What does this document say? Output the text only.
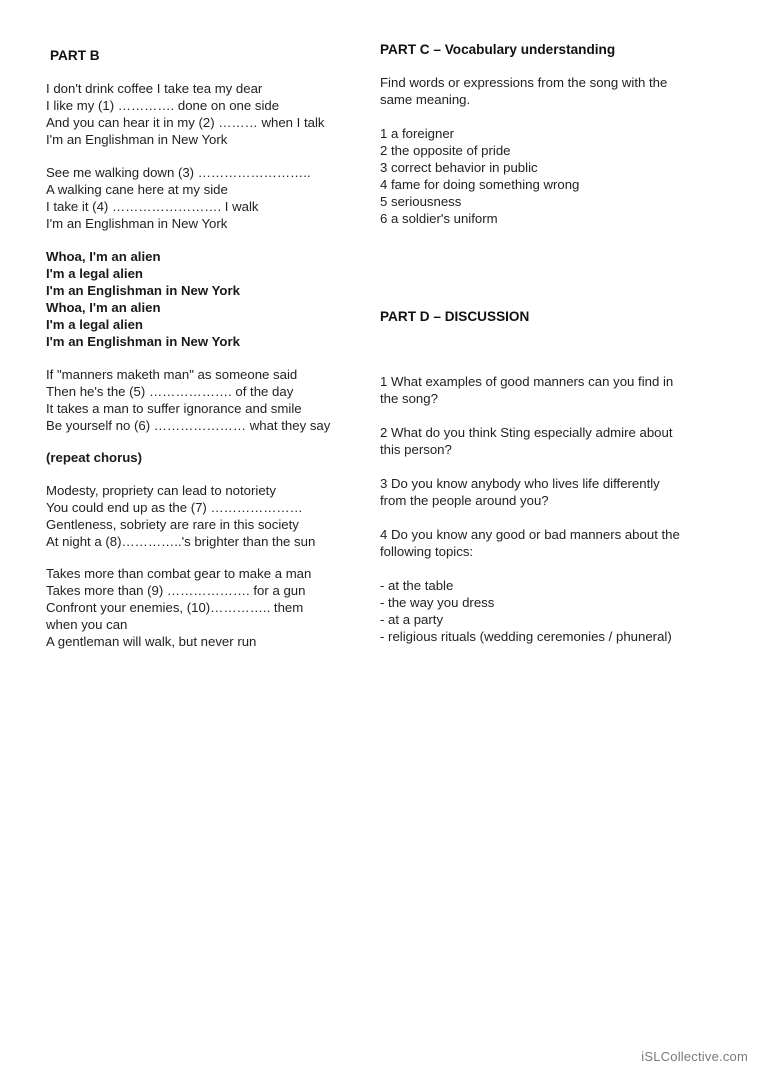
PART B
I don't drink coffee I take tea my dear
I like my (1) …………. done on one side
And you can hear it in my (2) ……… when I talk
I'm an Englishman in New York
See me walking down (3) ……………………..
A walking cane here at my side
I take it (4) ……………………. I walk
I'm an Englishman in New York
Whoa, I'm an alien
I'm a legal alien
I'm an Englishman in New York
Whoa, I'm an alien
I'm a legal alien
I'm an Englishman in New York
If "manners maketh man" as someone said
Then he's the (5) ………………. of the day
It takes a man to suffer ignorance and smile
Be yourself no (6) ………………… what they say
(repeat chorus)
Modesty, propriety can lead to notoriety
You could end up as the (7) …………………
Gentleness, sobriety are rare in this society
At night a (8)…………..'s brighter than the sun
Takes more than combat gear to make a man
Takes more than (9) ………………. for a gun
Confront your enemies, (10)………….. them
when you can
A gentleman will walk, but never run
PART C – Vocabulary understanding
Find words or expressions from the song with the
same meaning.
1 a foreigner
2 the opposite of pride
3 correct behavior in public
4 fame for doing something wrong
5 seriousness
6 a soldier's uniform
PART D – DISCUSSION
1 What examples of good manners can you find in
the song?
2 What do you think Sting especially admire about
this person?
3 Do you know anybody who lives life differently
from the people around you?
4 Do you know any good or bad manners about the
following topics:
- at the table
- the way you dress
- at a party
- religious rituals (wedding ceremonies / phuneral)
iSLCollective.com
